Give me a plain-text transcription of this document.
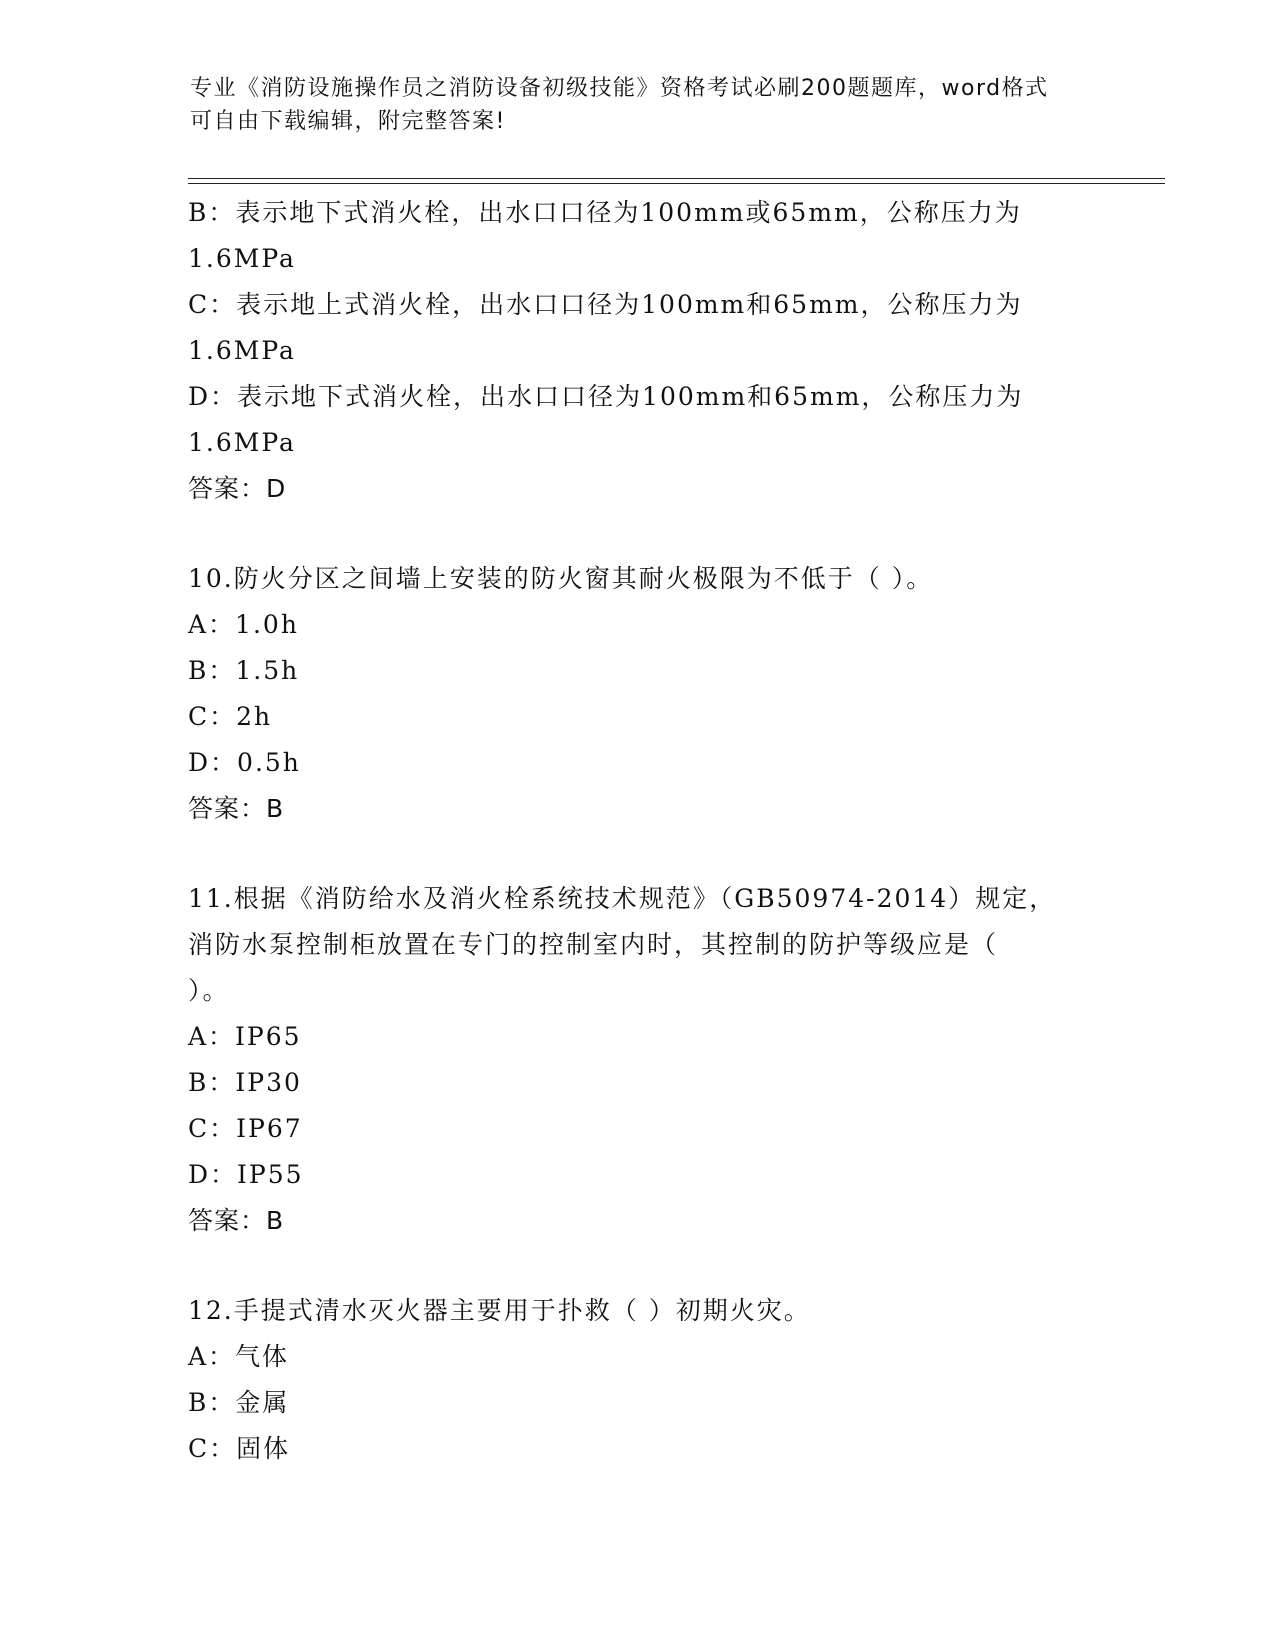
专业《消防设施操作员之消防设备初级技能》资格考试必刷200题题库，word格式可自由下载编辑，附完整答案!
B：表示地下式消火栓，出水口口径为100mm或65mm，公称压力为
1.6MPa
C：表示地上式消火栓，出水口口径为100mm和65mm，公称压力为
1.6MPa
D：表示地下式消火栓，出水口口径为100mm和65mm，公称压力为
1.6MPa
答案：D
10.防火分区之间墙上安装的防火窗其耐火极限为不低于（ ）。
A：1.0h
B：1.5h
C：2h
D：0.5h
答案：B
11.根据《消防给水及消火栓系统技术规范》（GB50974-2014）规定，
消防水泵控制柜放置在专门的控制室内时，其控制的防护等级应是（
）。
A：IP65
B：IP30
C：IP67
D：IP55
答案：B
12.手提式清水灭火器主要用于扑救（ ）初期火灾。
A：气体
B：金属
C：固体
